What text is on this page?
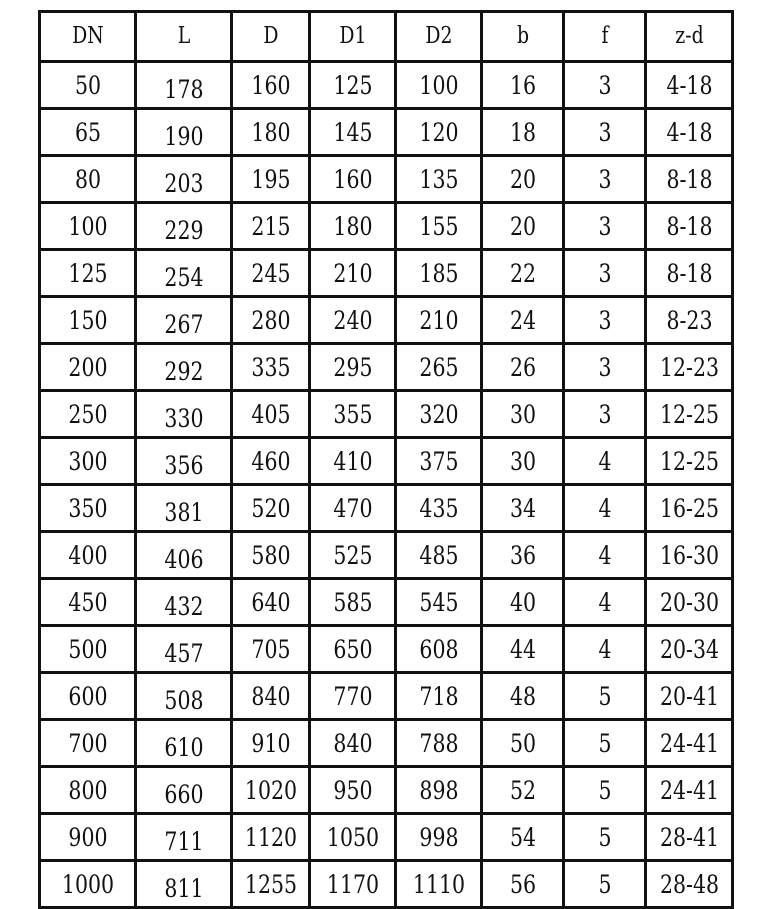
DN	L	D	D1	D2	b	f	z-d
50	178	160	125	100	16	3	4-18
65	190	180	145	120	18	3	4-18
80	203	195	160	135	20	3	8-18
100	229	215	180	155	20	3	8-18
125	254	245	210	185	22	3	8-18
150	267	280	240	210	24	3	8-23
200	292	335	295	265	26	3	12-23
250	330	405	355	320	30	3	12-25
300	356	460	410	375	30	4	12-25
350	381	520	470	435	34	4	16-25
400	406	580	525	485	36	4	16-30
450	432	640	585	545	40	4	20-30
500	457	705	650	608	44	4	20-34
600	508	840	770	718	48	5	20-41
700	610	910	840	788	50	5	24-41
800	660	1020	950	898	52	5	24-41
900	711	1120	1050	998	54	5	28-41
1000	811	1255	1170	1110	56	5	28-48
